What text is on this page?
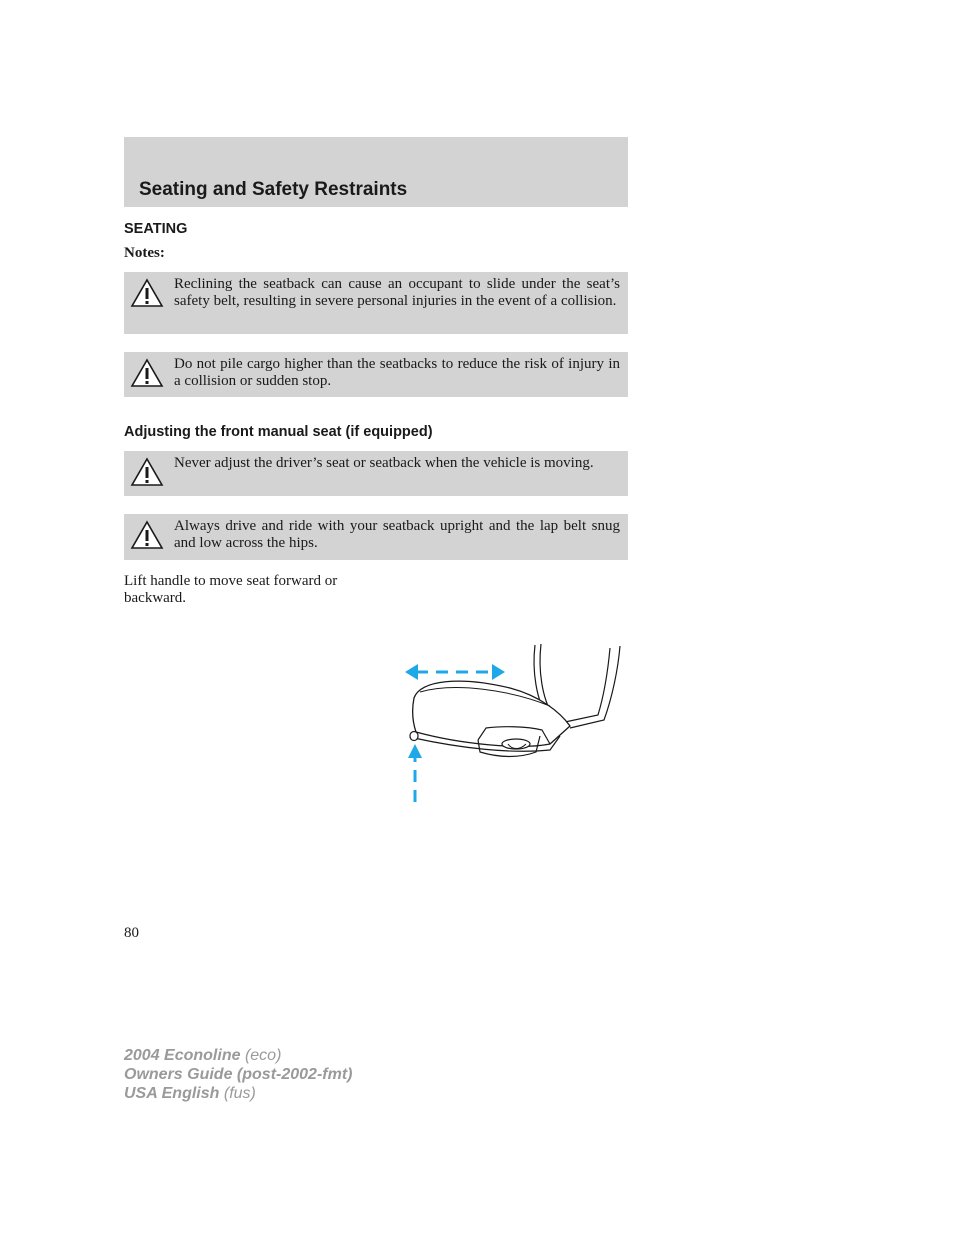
Seating and Safety Restraints
SEATING
Notes:
Reclining the seatback can cause an occupant to slide under the seat’s safety belt, resulting in severe personal injuries in the event of a collision.
Do not pile cargo higher than the seatbacks to reduce the risk of injury in a collision or sudden stop.
Adjusting the front manual seat (if equipped)
Never adjust the driver’s seat or seatback when the vehicle is moving.
Always drive and ride with your seatback upright and the lap belt snug and low across the hips.
Lift handle to move seat forward or backward.
80
2004 Econoline (eco)
Owners Guide (post-2002-fmt)
USA English (fus)
